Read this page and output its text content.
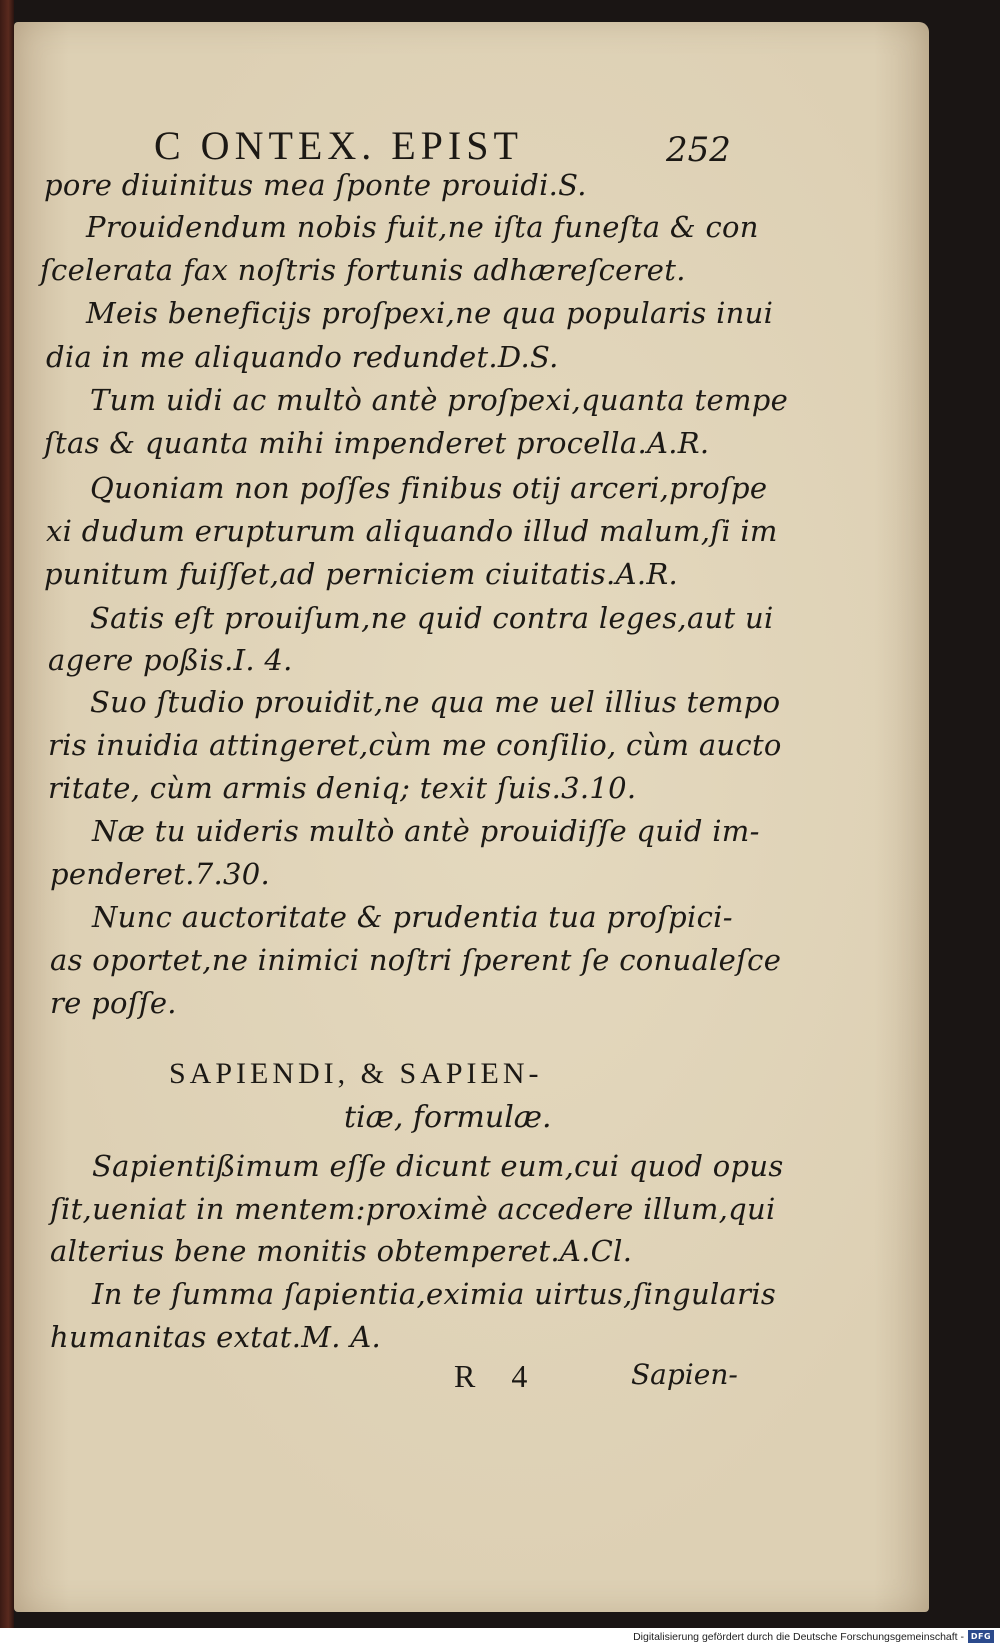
C ONTEX. EPIST	252
pore diuinitus mea ſponte prouidi.S.
Prouidendum nobis fuit,ne iſta funeſta & con
ſcelerata fax noſtris fortunis adhæreſceret.
Meis beneficijs proſpexi,ne qua popularis inui
dia in me aliquando redundet.D.S.
Tum uidi ac multò antè proſpexi,quanta tempe
ſtas & quanta mihi impenderet procella.A.R.
Quoniam non poſſes finibus otij arceri,proſpe
xi dudum erupturum aliquando illud malum,ſi im
punitum fuiſſet,ad perniciem ciuitatis.A.R.
Satis eſt prouiſum,ne quid contra leges,aut ui
agere poßis.I. 4.
Suo ſtudio prouidit,ne qua me uel illius tempo
ris inuidia attingeret,cùm me conſilio, cùm aucto
ritate, cùm armis deniq; texit ſuis.3.10.
Næ tu uideris multò antè prouidiſſe quid im-
penderet.7.30.
Nunc auctoritate & prudentia tua proſpici-
as oportet,ne inimici noſtri ſperent ſe conualeſce
re poſſe.
SAPIENDI, & SAPIEN-
tiæ, formulæ.
Sapientißimum eſſe dicunt eum,cui quod opus
ſit,ueniat in mentem:proximè accedere illum,qui
alterius bene monitis obtemperet.A.Cl.
In te ſumma ſapientia,eximia uirtus,ſingularis
humanitas extat.M. A.
R 4	Sapien-
Digitalisierung gefördert durch die Deutsche Forschungsgemeinschaft - DFG
